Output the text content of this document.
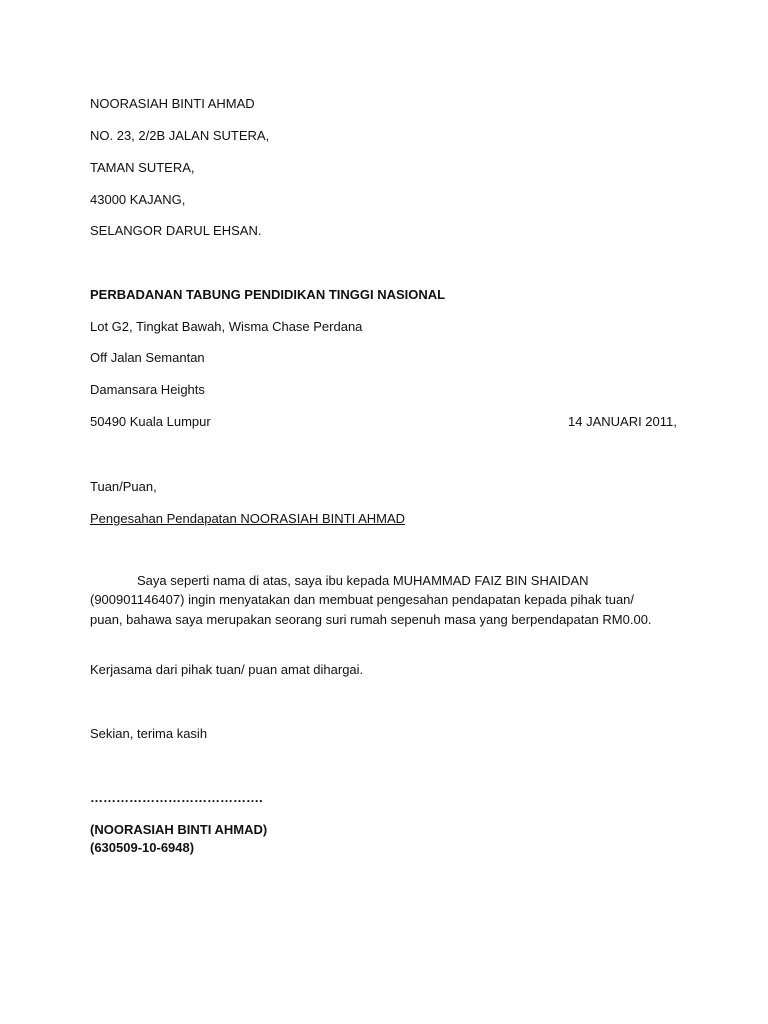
NOORASIAH BINTI AHMAD
NO. 23, 2/2B JALAN SUTERA,
TAMAN SUTERA,
43000 KAJANG,
SELANGOR DARUL EHSAN.
PERBADANAN TABUNG PENDIDIKAN TINGGI NASIONAL
Lot G2, Tingkat Bawah, Wisma Chase Perdana
Off Jalan Semantan
Damansara Heights
50490 Kuala Lumpur	14 JANUARI 2011,
Tuan/Puan,
Pengesahan Pendapatan NOORASIAH BINTI AHMAD

Saya seperti nama di atas, saya ibu kepada MUHAMMAD FAIZ BIN SHAIDAN (900901146407) ingin menyatakan dan membuat pengesahan pendapatan kepada pihak tuan/ puan, bahawa saya merupakan seorang suri rumah sepenuh masa yang berpendapatan RM0.00.

Kerjasama dari pihak tuan/ puan amat dihargai.
Sekian, terima kasih
………………………………….
(NOORASIAH BINTI AHMAD)
(630509-10-6948)
